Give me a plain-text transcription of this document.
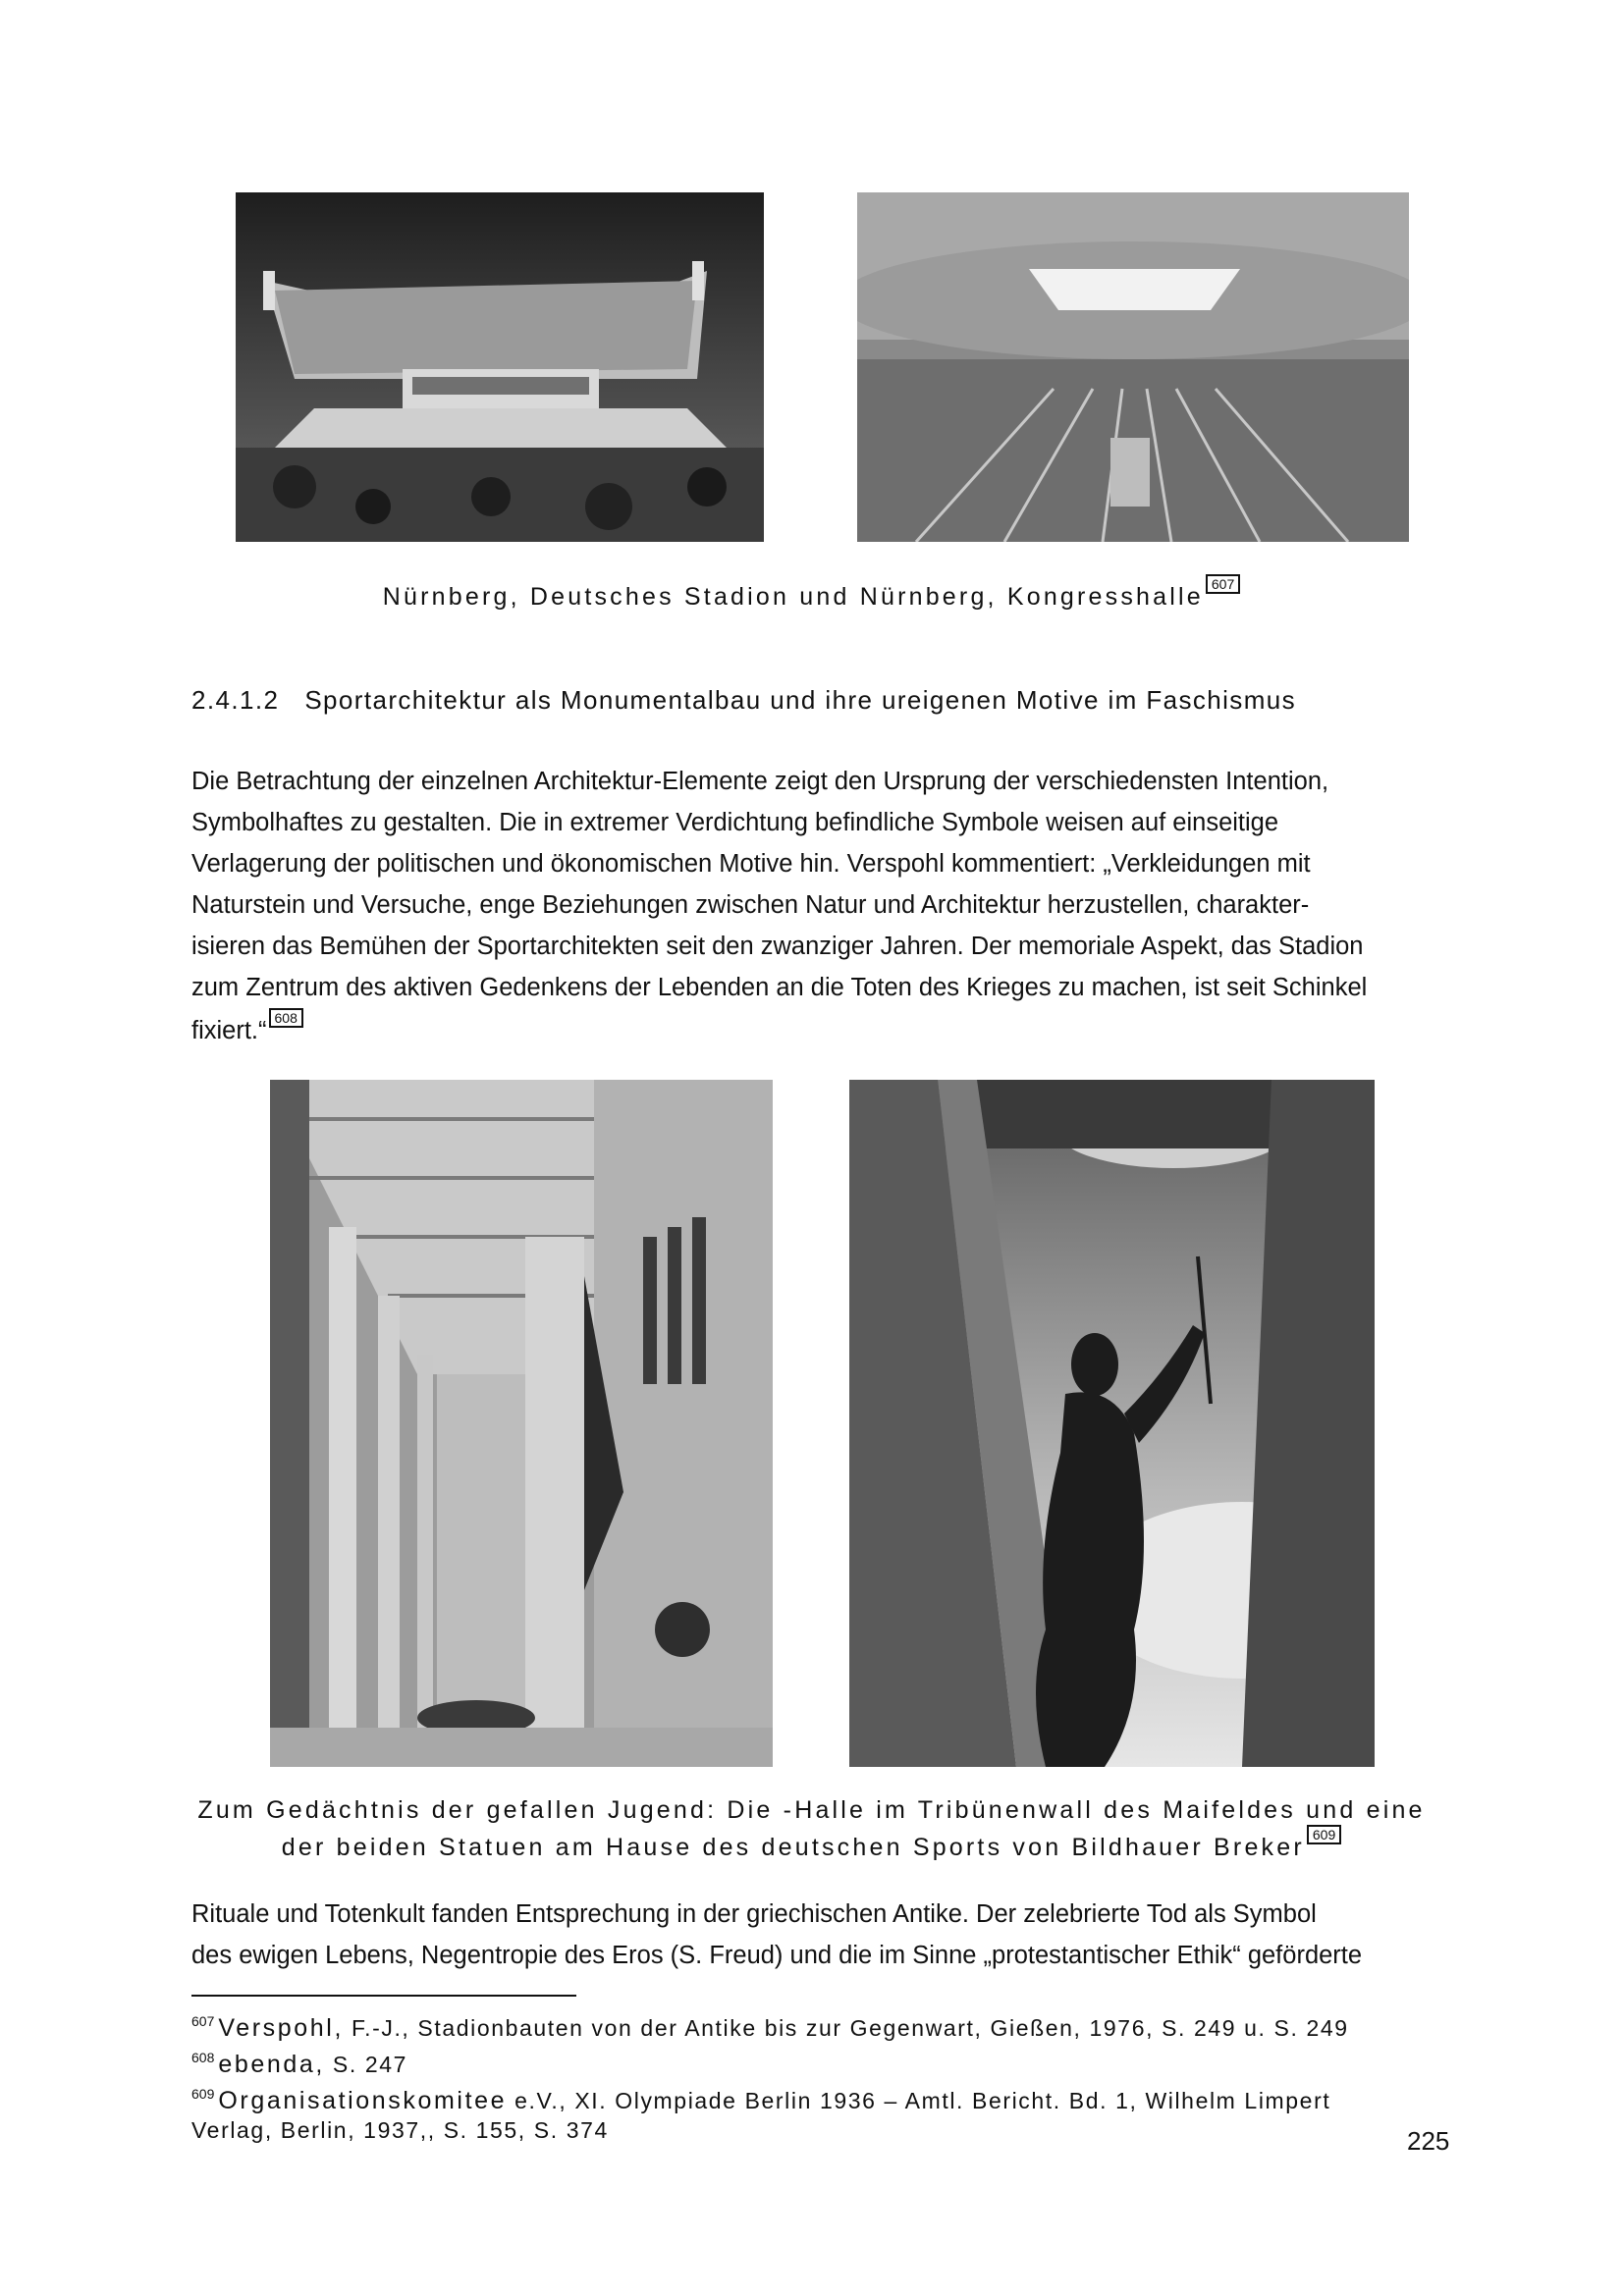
Nürnberg, Deutsches Stadion und Nürnberg, Kongresshalle 607
2.4.1.2 Sportarchitektur als Monumentalbau und ihre ureigenen Motive im Faschismus
Die Betrachtung der einzelnen Architektur-Elemente zeigt den Ursprung der verschiedensten Intention,
Symbolhaftes zu gestalten. Die in extremer Verdichtung befindliche Symbole weisen auf einseitige
Verlagerung der politischen und ökonomischen Motive hin. Verspohl kommentiert: „Verkleidungen mit
Naturstein und Versuche, enge Beziehungen zwischen Natur und Architektur herzustellen, charakter-
isieren das Bemühen der Sportarchitekten seit den zwanziger Jahren. Der memoriale Aspekt, das Stadion
zum Zentrum des aktiven Gedenkens der Lebenden an die Toten des Krieges zu machen, ist seit Schinkel
fixiert.“ 608
Zum Gedächtnis der gefallen Jugend: Die -Halle im Tribünenwall des Maifeldes und eine
der beiden Statuen am Hause des deutschen Sports von Bildhauer Breker 609
Rituale und Totenkult fanden Entsprechung in der griechischen Antike. Der zelebrierte Tod als Symbol
des ewigen Lebens, Negentropie des Eros (S. Freud) und die im Sinne „protestantischer Ethik“ geförderte
$^{607}$ Verspohl, F.-J., Stadionbauten von der Antike bis zur Gegenwart, Gießen, 1976, S. 249 u. S. 249
$^{608}$ ebenda, S. 247
$^{609}$ Organisationskomitee e.V., XI. Olympiade Berlin 1936 – Amtl. Bericht. Bd. 1, Wilhelm Limpert
Verlag, Berlin, 1937,, S. 155, S. 374	225
